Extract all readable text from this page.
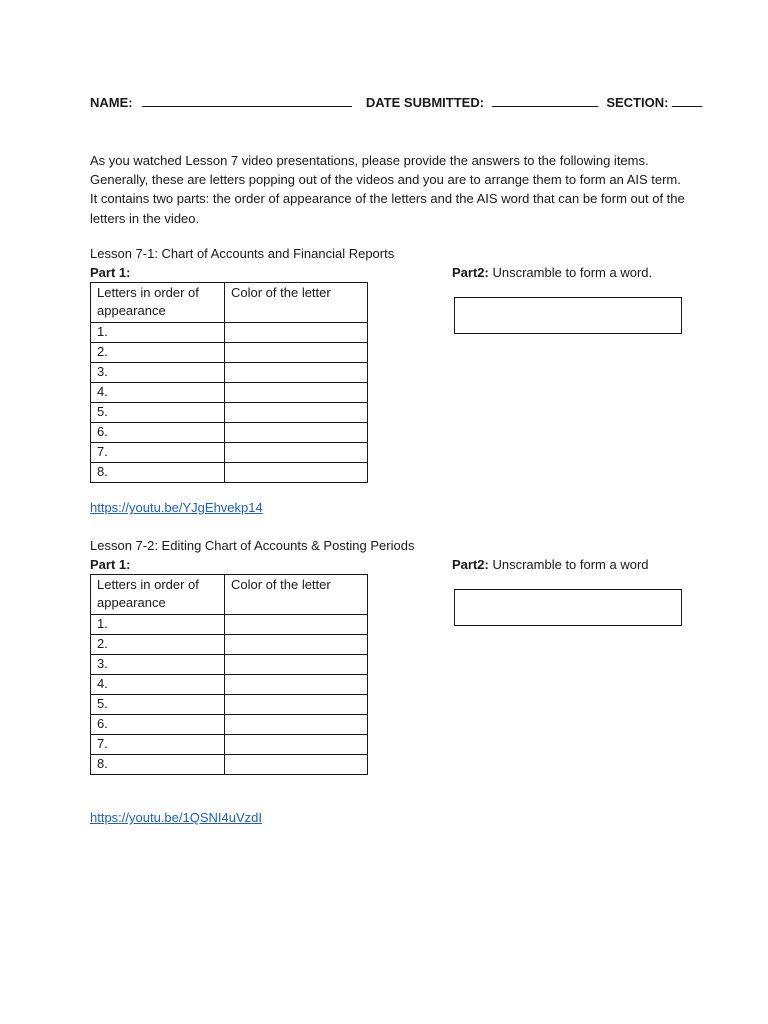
NAME:	DATE SUBMITTED:	SECTION:
As you watched Lesson 7 video presentations, please provide the answers to the following items. Generally, these are letters popping out of the videos and you are to arrange them to form an AIS term. It contains two parts: the order of appearance of the letters and the AIS word that can be form out of the letters in the video.
Lesson 7-1: Chart of Accounts and Financial Reports
Part 1:	Part2: Unscramble to form a word.
Letters in order of appearance	Color of the letter
1.	
2.	
3.	
4.	
5.	
6.	
7.	
8.	
https://youtu.be/YJgEhvekp14
Lesson 7-2: Editing Chart of Accounts & Posting Periods
Part 1:	Part2: Unscramble to form a word
Letters in order of appearance	Color of the letter
1.	
2.	
3.	
4.	
5.	
6.	
7.	
8.	
https://youtu.be/1QSNI4uVzdI
